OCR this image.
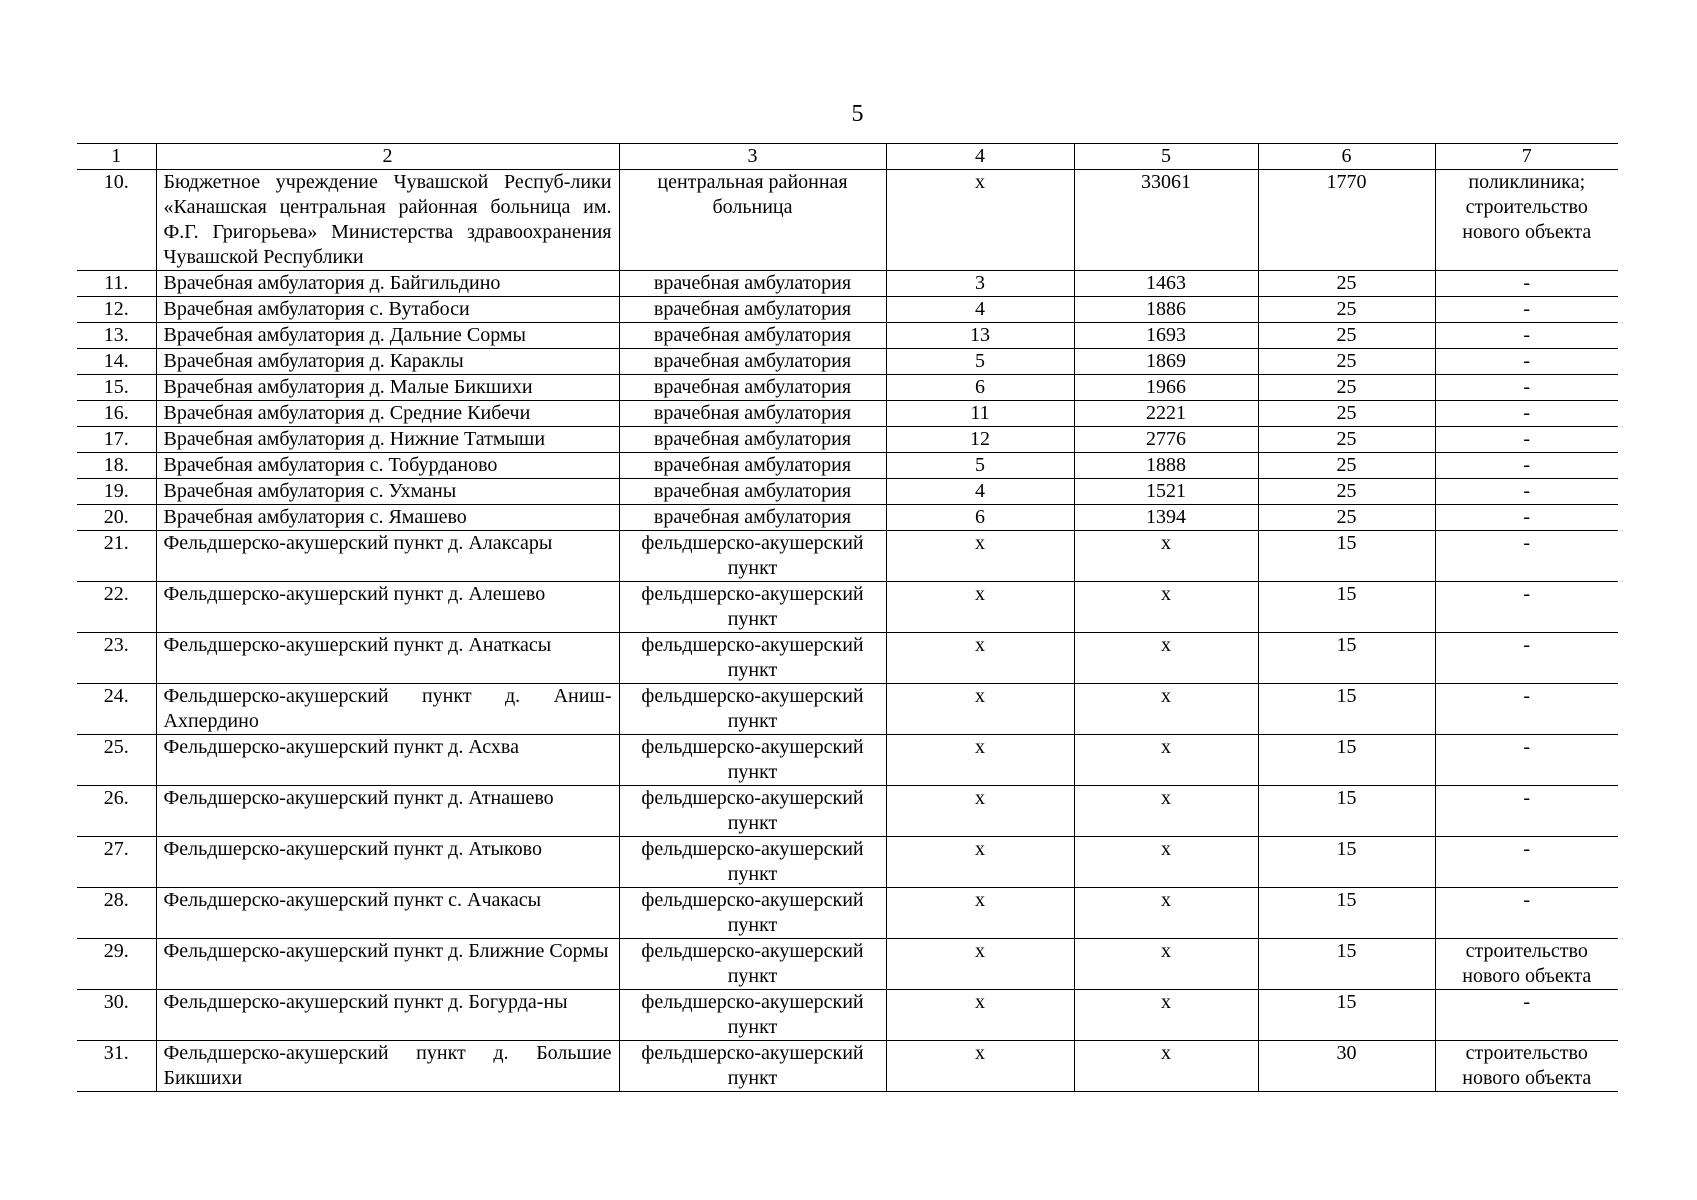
5
1	2	3	4	5	6	7
10.	Бюджетное учреждение Чувашской Респуб-лики «Канашская центральная районная больница им. Ф.Г. Григорьева» Министерства здравоохранения Чувашской Республики	центральная районная больница	х	33061	1770	поликлиника; строительство нового объекта
11.	Врачебная амбулатория д. Байгильдино	врачебная амбулатория	3	1463	25	-
12.	Врачебная амбулатория с. Вутабоси	врачебная амбулатория	4	1886	25	-
13.	Врачебная амбулатория д. Дальние Сормы	врачебная амбулатория	13	1693	25	-
14.	Врачебная амбулатория д. Караклы	врачебная амбулатория	5	1869	25	-
15.	Врачебная амбулатория д. Малые Бикшихи	врачебная амбулатория	6	1966	25	-
16.	Врачебная амбулатория д. Средние Кибечи	врачебная амбулатория	11	2221	25	-
17.	Врачебная амбулатория д. Нижние Татмыши	врачебная амбулатория	12	2776	25	-
18.	Врачебная амбулатория с. Тобурданово	врачебная амбулатория	5	1888	25	-
19.	Врачебная амбулатория с. Ухманы	врачебная амбулатория	4	1521	25	-
20.	Врачебная амбулатория с. Ямашево	врачебная амбулатория	6	1394	25	-
21.	Фельдшерско-акушерский пункт д. Алаксары	фельдшерско-акушерский пункт	х	х	15	-
22.	Фельдшерско-акушерский пункт д. Алешево	фельдшерско-акушерский пункт	х	х	15	-
23.	Фельдшерско-акушерский пункт д. Анаткасы	фельдшерско-акушерский пункт	х	х	15	-
24.	Фельдшерско-акушерский пункт д. Аниш-Ахпердино	фельдшерско-акушерский пункт	х	х	15	-
25.	Фельдшерско-акушерский пункт д. Асхва	фельдшерско-акушерский пункт	х	х	15	-
26.	Фельдшерско-акушерский пункт д. Атнашево	фельдшерско-акушерский пункт	х	х	15	-
27.	Фельдшерско-акушерский пункт д. Атыково	фельдшерско-акушерский пункт	х	х	15	-
28.	Фельдшерско-акушерский пункт с. Ачакасы	фельдшерско-акушерский пункт	х	х	15	-
29.	Фельдшерско-акушерский пункт д. Ближние Сормы	фельдшерско-акушерский пункт	х	х	15	строительство нового объекта
30.	Фельдшерско-акушерский пункт д. Богурда-ны	фельдшерско-акушерский пункт	х	х	15	-
31.	Фельдшерско-акушерский пункт д. Большие Бикшихи	фельдшерско-акушерский пункт	х	х	30	строительство нового объекта
